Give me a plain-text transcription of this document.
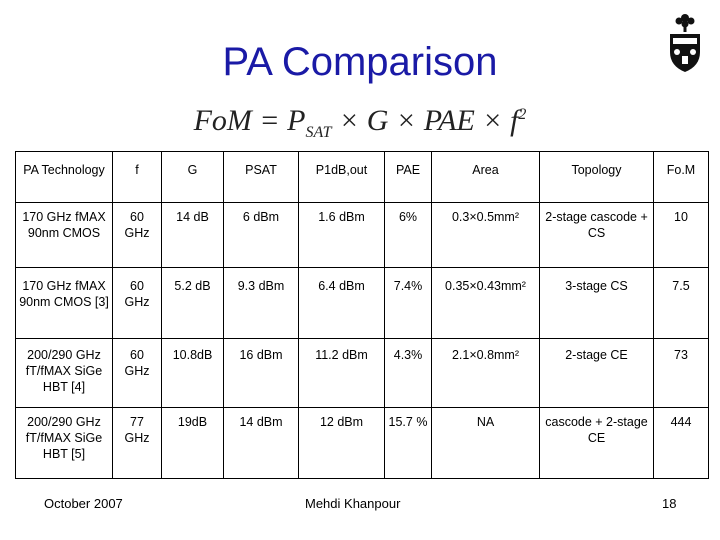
PA Comparison
FoM = $P_{SAT} \times G$ × PAE × $f^2$
PA Technology	f	G	PSAT	P1dB,out	PAE	Area	Topology	Fo.M
170 GHz fMAX 90nm CMOS	60 GHz	14 dB	6 dBm	1.6 dBm	6%	0.3×0.5mm²	2-stage cascode + CS	10
170 GHz fMAX 90nm CMOS [3]	60 GHz	5.2 dB	9.3 dBm	6.4 dBm	7.4%	0.35×0.43mm²	3-stage CS	7.5
200/290 GHz fT/fMAX SiGe HBT [4]	60 GHz	10.8dB	16 dBm	11.2 dBm	4.3%	2.1×0.8mm²	2-stage CE	73
200/290 GHz fT/fMAX SiGe HBT [5]	77 GHz	19dB	14 dBm	12 dBm	15.7 %	NA	cascode + 2-stage CE	444
October 2007	Mehdi Khanpour	18
